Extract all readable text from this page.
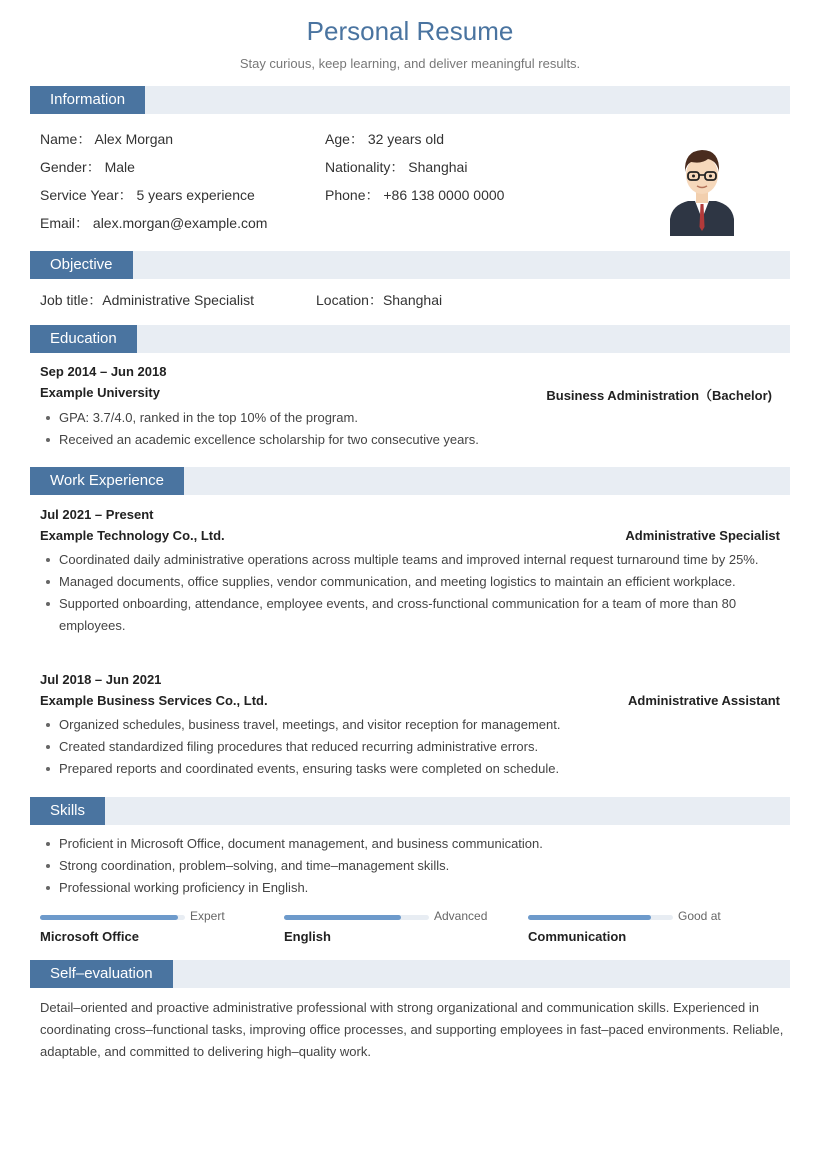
Personal Resume
Stay curious, keep learning, and deliver meaningful results.
Information
Name： Alex Morgan	Age： 32 years old
Gender： Male	Nationality： Shanghai
Service Year： 5 years experience	Phone： +86 138 0000 0000
Email： alex.morgan@example.com
Objective
Job title：Administrative Specialist	Location：Shanghai
Education
Sep 2014 – Jun 2018
Example University	Business Administration（Bachelor)
GPA: 3.7/4.0, ranked in the top 10% of the program.
Received an academic excellence scholarship for two consecutive years.
Work Experience
Jul 2021 – Present
Example Technology Co., Ltd.	Administrative Specialist
Coordinated daily administrative operations across multiple teams and improved internal request turnaround time by 25%.
Managed documents, office supplies, vendor communication, and meeting logistics to maintain an efficient workplace.
Supported onboarding, attendance, employee events, and cross-functional communication for a team of more than 80 employees.
Jul 2018 – Jun 2021
Example Business Services Co., Ltd.	Administrative Assistant
Organized schedules, business travel, meetings, and visitor reception for management.
Created standardized filing procedures that reduced recurring administrative errors.
Prepared reports and coordinated events, ensuring tasks were completed on schedule.
Skills
Proficient in Microsoft Office, document management, and business communication.
Strong coordination, problem–solving, and time–management skills.
Professional working proficiency in English.
Expert
Microsoft Office
Advanced
English
Good at
Communication
Self–evaluation
Detail–oriented and proactive administrative professional with strong organizational and communication skills. Experienced in coordinating cross–functional tasks, improving office processes, and supporting employees in fast–paced environments. Reliable, adaptable, and committed to delivering high–quality work.
